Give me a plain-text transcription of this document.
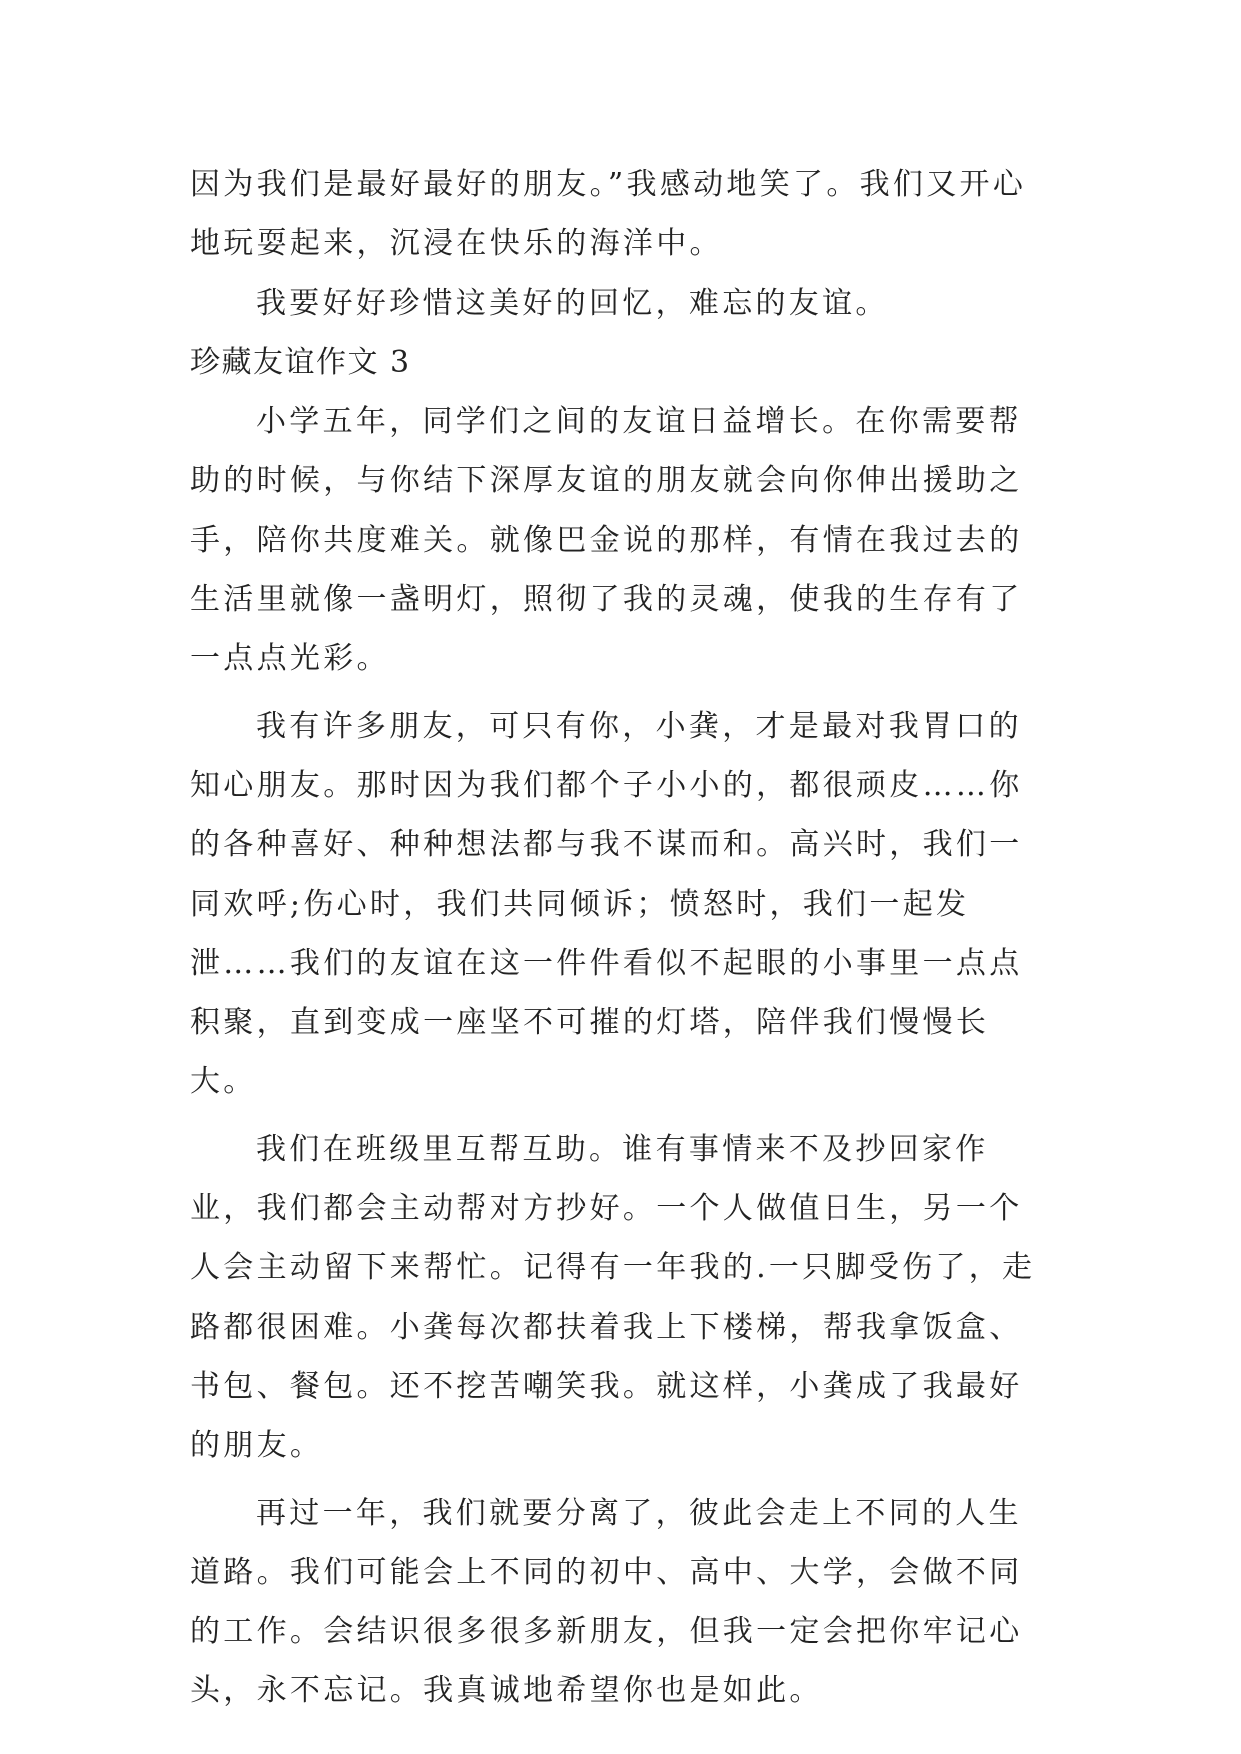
因为我们是最好最好的朋友。”我感动地笑了。我们又开心地玩耍起来，沉浸在快乐的海洋中。

我要好好珍惜这美好的回忆，难忘的友谊。

珍藏友谊作文 3

小学五年，同学们之间的友谊日益增长。在你需要帮助的时候，与你结下深厚友谊的朋友就会向你伸出援助之手，陪你共度难关。就像巴金说的那样，有情在我过去的生活里就像一盏明灯，照彻了我的灵魂，使我的生存有了一点点光彩。

我有许多朋友，可只有你，小龚，才是最对我胃口的知心朋友。那时因为我们都个子小小的，都很顽皮……你的各种喜好、种种想法都与我不谋而和。高兴时，我们一同欢呼;伤心时，我们共同倾诉；愤怒时，我们一起发泄……我们的友谊在这一件件看似不起眼的小事里一点点积聚，直到变成一座坚不可摧的灯塔，陪伴我们慢慢长大。

我们在班级里互帮互助。谁有事情来不及抄回家作业，我们都会主动帮对方抄好。一个人做值日生，另一个人会主动留下来帮忙。记得有一年我的.一只脚受伤了，走路都很困难。小龚每次都扶着我上下楼梯，帮我拿饭盒、书包、餐包。还不挖苦嘲笑我。就这样，小龚成了我最好的朋友。

再过一年，我们就要分离了，彼此会走上不同的人生道路。我们可能会上不同的初中、高中、大学，会做不同的工作。会结识很多很多新朋友，但我一定会把你牢记心头，永不忘记。我真诚地希望你也是如此。
